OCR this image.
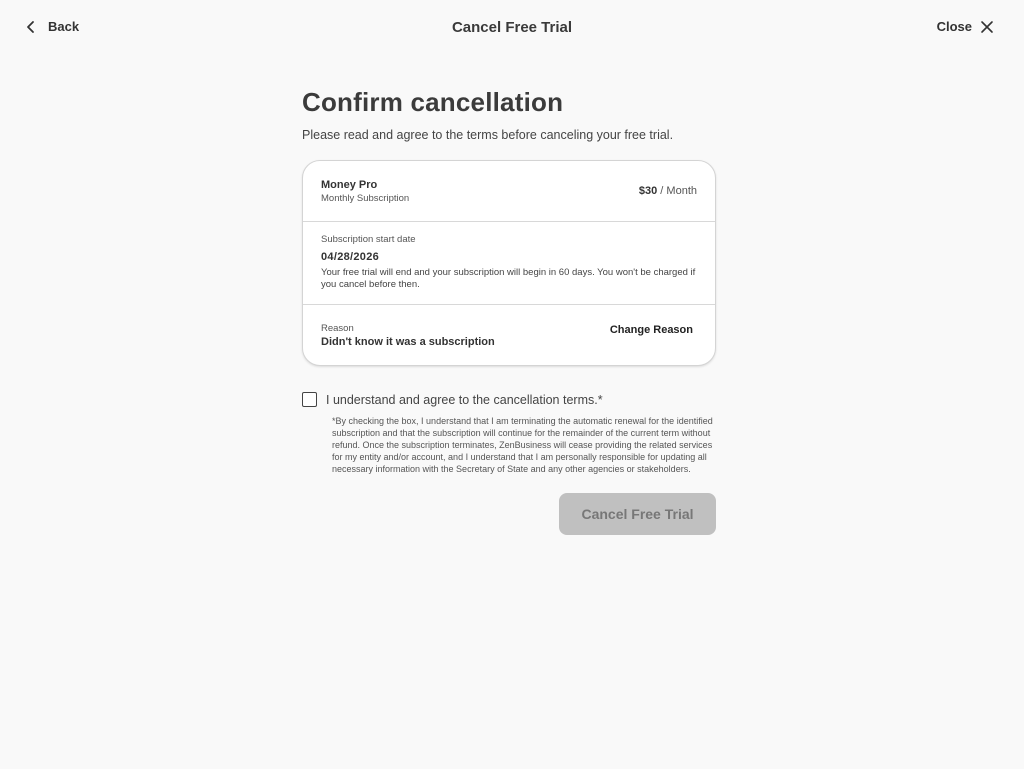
Back	Cancel Free Trial	Close
Confirm cancellation

Please read and agree to the terms before canceling your free trial.

Money Pro
Monthly Subscription
$30 / Month
Subscription start date
04/28/2026
Your free trial will end and your subscription will begin in 60 days. You won't be charged if you cancel before then.
Reason
Didn't know it was a subscription
Change Reason
I understand and agree to the cancellation terms.*

*By checking the box, I understand that I am terminating the automatic renewal for the identified subscription and that the subscription will continue for the remainder of the current term without refund. Once the subscription terminates, ZenBusiness will cease providing the related services for my entity and/or account, and I understand that I am personally responsible for updating all necessary information with the Secretary of State and any other agencies or stakeholders.

Cancel Free Trial
